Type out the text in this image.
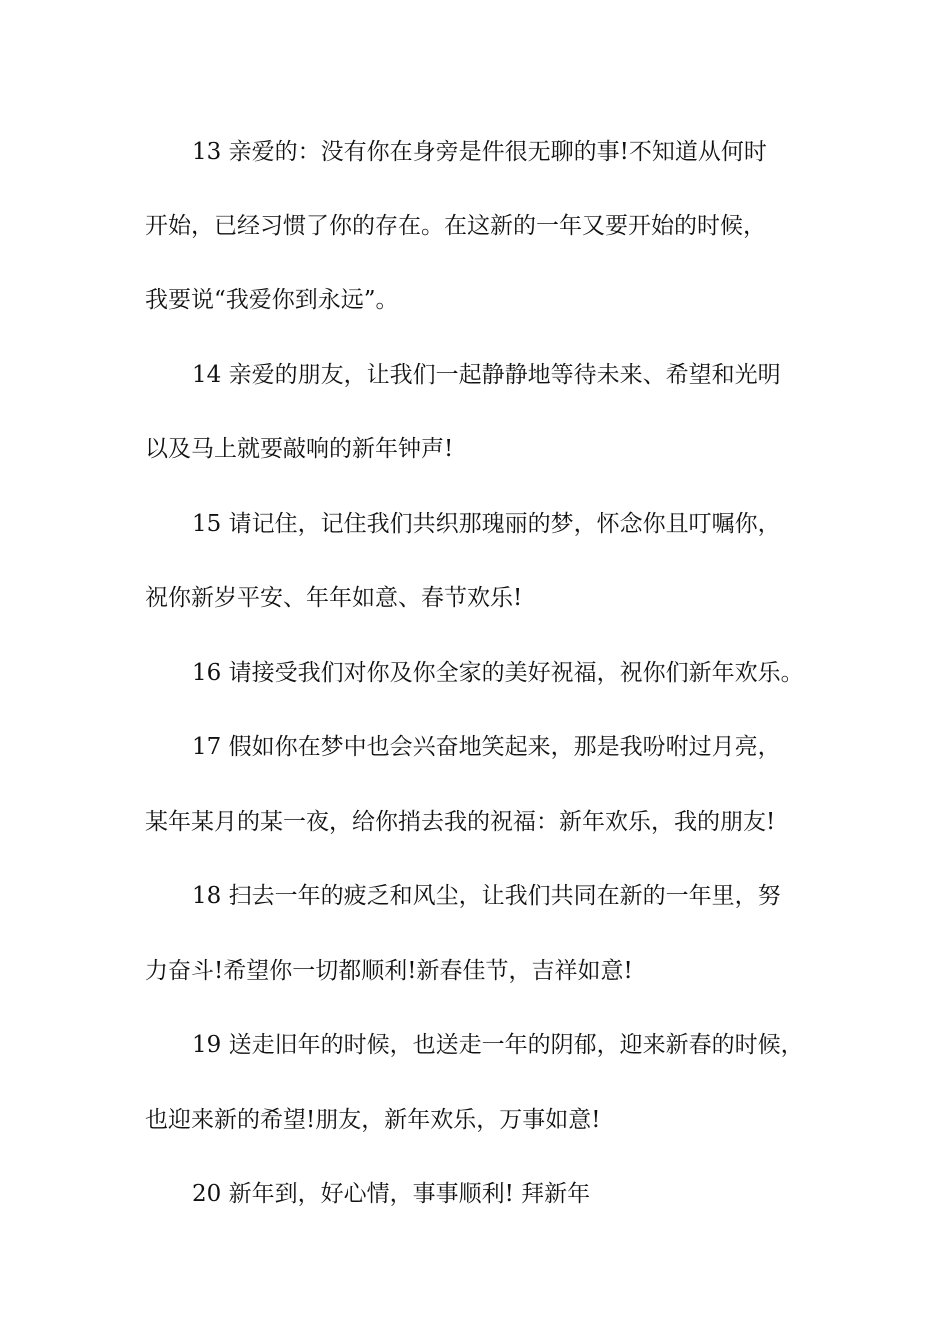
13 亲爱的：没有你在身旁是件很无聊的事!不知道从何时
开始，已经习惯了你的存在。在这新的一年又要开始的时候，
我要说“我爱你到永远”。
14 亲爱的朋友，让我们一起静静地等待未来、希望和光明
以及马上就要敲响的新年钟声!
15 请记住，记住我们共织那瑰丽的梦，怀念你且叮嘱你，
祝你新岁平安、年年如意、春节欢乐!
16 请接受我们对你及你全家的美好祝福，祝你们新年欢乐。
17 假如你在梦中也会兴奋地笑起来，那是我吩咐过月亮，
某年某月的某一夜，给你捎去我的祝福：新年欢乐，我的朋友!
18 扫去一年的疲乏和风尘，让我们共同在新的一年里，努
力奋斗!希望你一切都顺利!新春佳节，吉祥如意!
19 送走旧年的时候，也送走一年的阴郁，迎来新春的时候，
也迎来新的希望!朋友，新年欢乐，万事如意!
20 新年到，好心情，事事顺利! 拜新年
